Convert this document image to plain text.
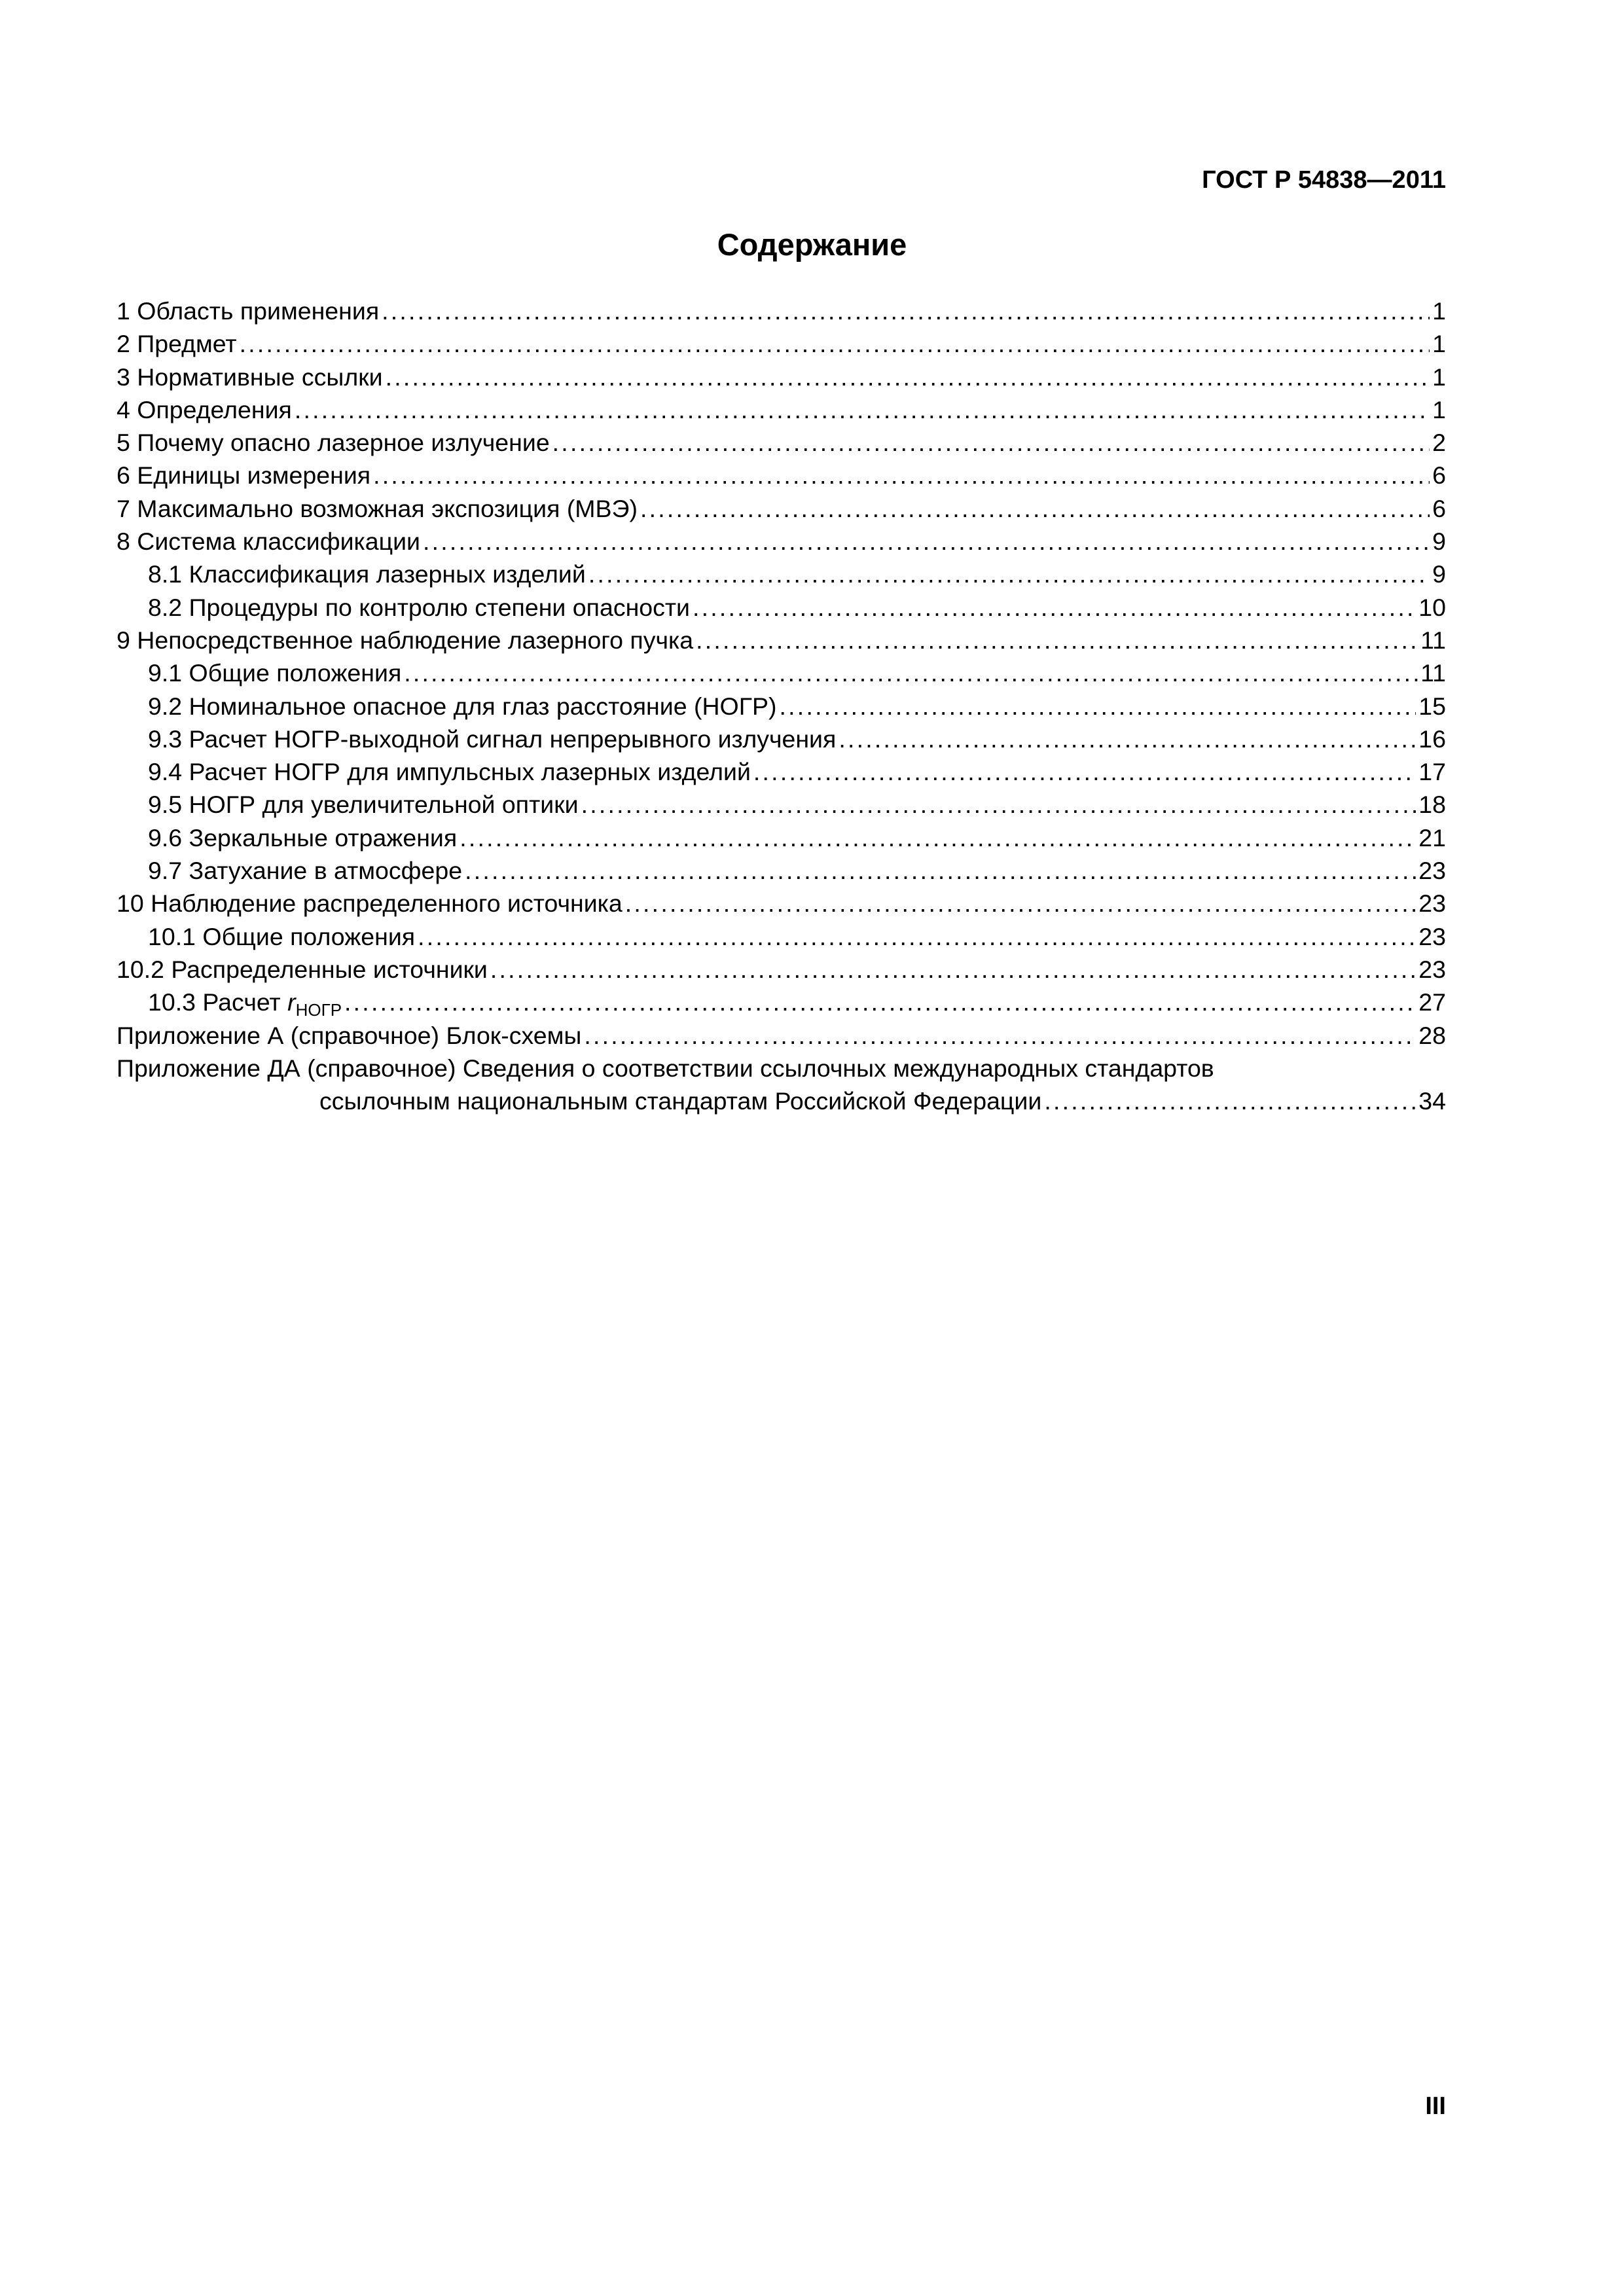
ГОСТ Р 54838—2011
Содержание
1 Область применения . . .	1
2 Предмет . . .	1
3 Нормативные ссылки . . .	1
4 Определения . . .	1
5 Почему опасно лазерное излучение . . .	2
6 Единицы измерения . . .	6
7 Максимально возможная экспозиция (МВЭ) . . .	6
8 Система классификации . . .	9
8.1 Классификация лазерных изделий . . .	9
8.2 Процедуры по контролю степени опасности . . .	10
9 Непосредственное наблюдение лазерного пучка . . .	11
9.1 Общие положения . . .	11
9.2 Номинальное опасное для глаз расстояние (НОГР) . . .	15
9.3 Расчет НОГР-выходной сигнал непрерывного излучения . . .	16
9.4 Расчет НОГР для импульсных лазерных изделий . . .	17
9.5 НОГР для увеличительной оптики . . .	18
9.6 Зеркальные отражения . . .	21
9.7 Затухание в атмосфере . . .	23
10 Наблюдение распределенного источника . . .	23
10.1 Общие положения . . .	23
10.2 Распределенные источники . . .	23
10.3 Расчет $r_{НОГР}$ . . .	27
Приложение А (справочное) Блок-схемы . . .	28
Приложение ДА (справочное) Сведения о соответствии ссылочных международных стандартов
ссылочным национальным стандартам Российской Федерации . . .	34
III
